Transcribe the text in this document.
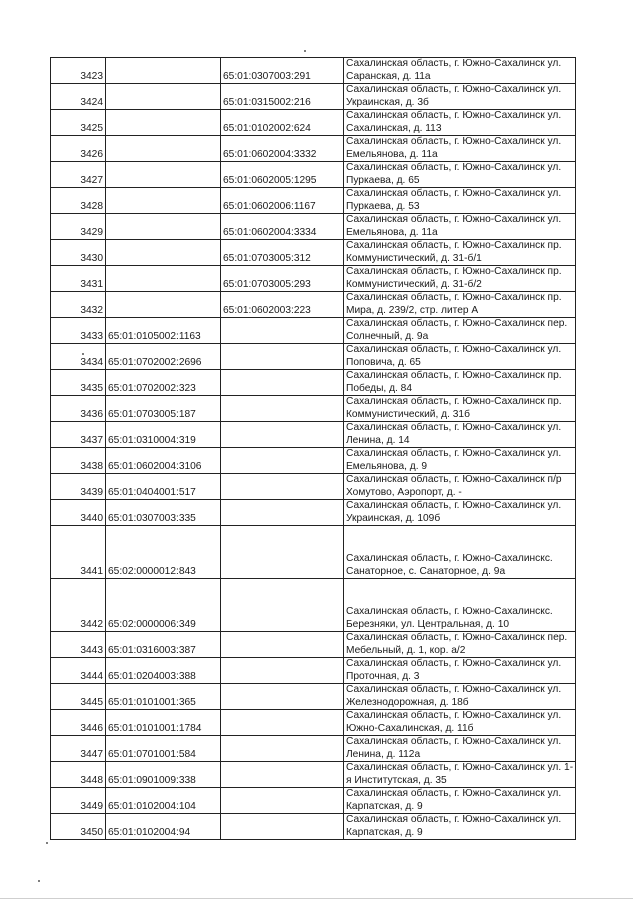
3423		65:01:0307003:291	Сахалинская область, г. Южно-Сахалинск ул.
Саранская, д. 11а

3424		65:01:0315002:216	Сахалинская область, г. Южно-Сахалинск ул.
Украинская, д. 3б

3425		65:01:0102002:624	Сахалинская область, г. Южно-Сахалинск ул.
Сахалинская, д. 113

3426		65:01:0602004:3332	Сахалинская область, г. Южно-Сахалинск ул.
Емельянова, д. 11а

3427		65:01:0602005:1295	Сахалинская область, г. Южно-Сахалинск ул.
Пуркаева, д. 65

3428		65:01:0602006:1167	Сахалинская область, г. Южно-Сахалинск ул.
Пуркаева, д. 53

3429		65:01:0602004:3334	Сахалинская область, г. Южно-Сахалинск ул.
Емельянова, д. 11а

3430		65:01:0703005:312	Сахалинская область, г. Южно-Сахалинск пр.
Коммунистический, д. 31-б/1

3431		65:01:0703005:293	Сахалинская область, г. Южно-Сахалинск пр.
Коммунистический, д. 31-б/2

3432		65:01:0602003:223	Сахалинская область, г. Южно-Сахалинск пр.
Мира, д. 239/2, стр. литер А

3433	65:01:0105002:1163		Сахалинская область, г. Южно-Сахалинск пер.
Солнечный, д. 9а

3434	65:01:0702002:2696		Сахалинская область, г. Южно-Сахалинск ул.
Поповича, д. 65

3435	65:01:0702002:323		Сахалинская область, г. Южно-Сахалинск пр.
Победы, д. 84

3436	65:01:0703005:187		Сахалинская область, г. Южно-Сахалинск пр.
Коммунистический, д. 31б

3437	65:01:0310004:319		Сахалинская область, г. Южно-Сахалинск ул.
Ленина, д. 14

3438	65:01:0602004:3106		Сахалинская область, г. Южно-Сахалинск ул.
Емельянова, д. 9

3439	65:01:0404001:517		Сахалинская область, г. Южно-Сахалинск п/р
Хомутово, Аэропорт, д. -

3440	65:01:0307003:335		Сахалинская область, г. Южно-Сахалинск ул.
Украинская, д. 109б

3441	65:02:0000012:843		Сахалинская область, г. Южно-Сахалинскс.
Санаторное, с. Санаторное, д. 9а

3442	65:02:0000006:349		Сахалинская область, г. Южно-Сахалинскс.
Березняки, ул. Центральная, д. 10

3443	65:01:0316003:387		Сахалинская область, г. Южно-Сахалинск пер.
Мебельный, д. 1, кор. а/2

3444	65:01:0204003:388		Сахалинская область, г. Южно-Сахалинск ул.
Проточная, д. 3

3445	65:01:0101001:365		Сахалинская область, г. Южно-Сахалинск ул.
Железнодорожная, д. 18б

3446	65:01:0101001:1784		Сахалинская область, г. Южно-Сахалинск ул.
Южно-Сахалинская, д. 11б

3447	65:01:0701001:584		Сахалинская область, г. Южно-Сахалинск ул.
Ленина, д. 112а

3448	65:01:0901009:338		Сахалинская область, г. Южно-Сахалинск ул. 1-
я Институтская, д. 35

3449	65:01:0102004:104		Сахалинская область, г. Южно-Сахалинск ул.
Карпатская, д. 9

3450	65:01:0102004:94		Сахалинская область, г. Южно-Сахалинск ул.
Карпатская, д. 9
